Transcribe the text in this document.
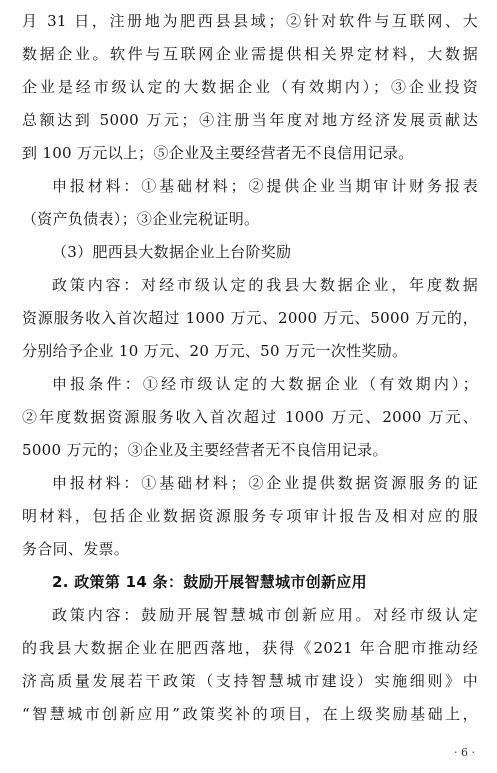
月 31 日，注册地为肥西县县域；②针对软件与互联网、大
数据企业。软件与互联网企业需提供相关界定材料，大数据
企业是经市级认定的大数据企业（有效期内）；③企业投资
总额达到 5000 万元；④注册当年度对地方经济发展贡献达
到 100 万元以上；⑤企业及主要经营者无不良信用记录。
申报材料：①基础材料；②提供企业当期审计财务报表
（资产负债表）；③企业完税证明。
（3）肥西县大数据企业上台阶奖励
政策内容：对经市级认定的我县大数据企业，年度数据
资源服务收入首次超过 1000 万元、2000 万元、5000 万元的，
分别给予企业 10 万元、20 万元、50 万元一次性奖励。
申报条件：①经市级认定的大数据企业（有效期内）；
②年度数据资源服务收入首次超过 1000 万元、2000 万元、
5000 万元的；③企业及主要经营者无不良信用记录。
申报材料：①基础材料；②企业提供数据资源服务的证
明材料，包括企业数据资源服务专项审计报告及相对应的服
务合同、发票。
2. 政策第 14 条：鼓励开展智慧城市创新应用
政策内容：鼓励开展智慧城市创新应用。对经市级认定
的我县大数据企业在肥西落地，获得《2021 年合肥市推动经
济高质量发展若干政策（支持智慧城市建设）实施细则》中
“智慧城市创新应用”政策奖补的项目，在上级奖励基础上，
· 6 ·
